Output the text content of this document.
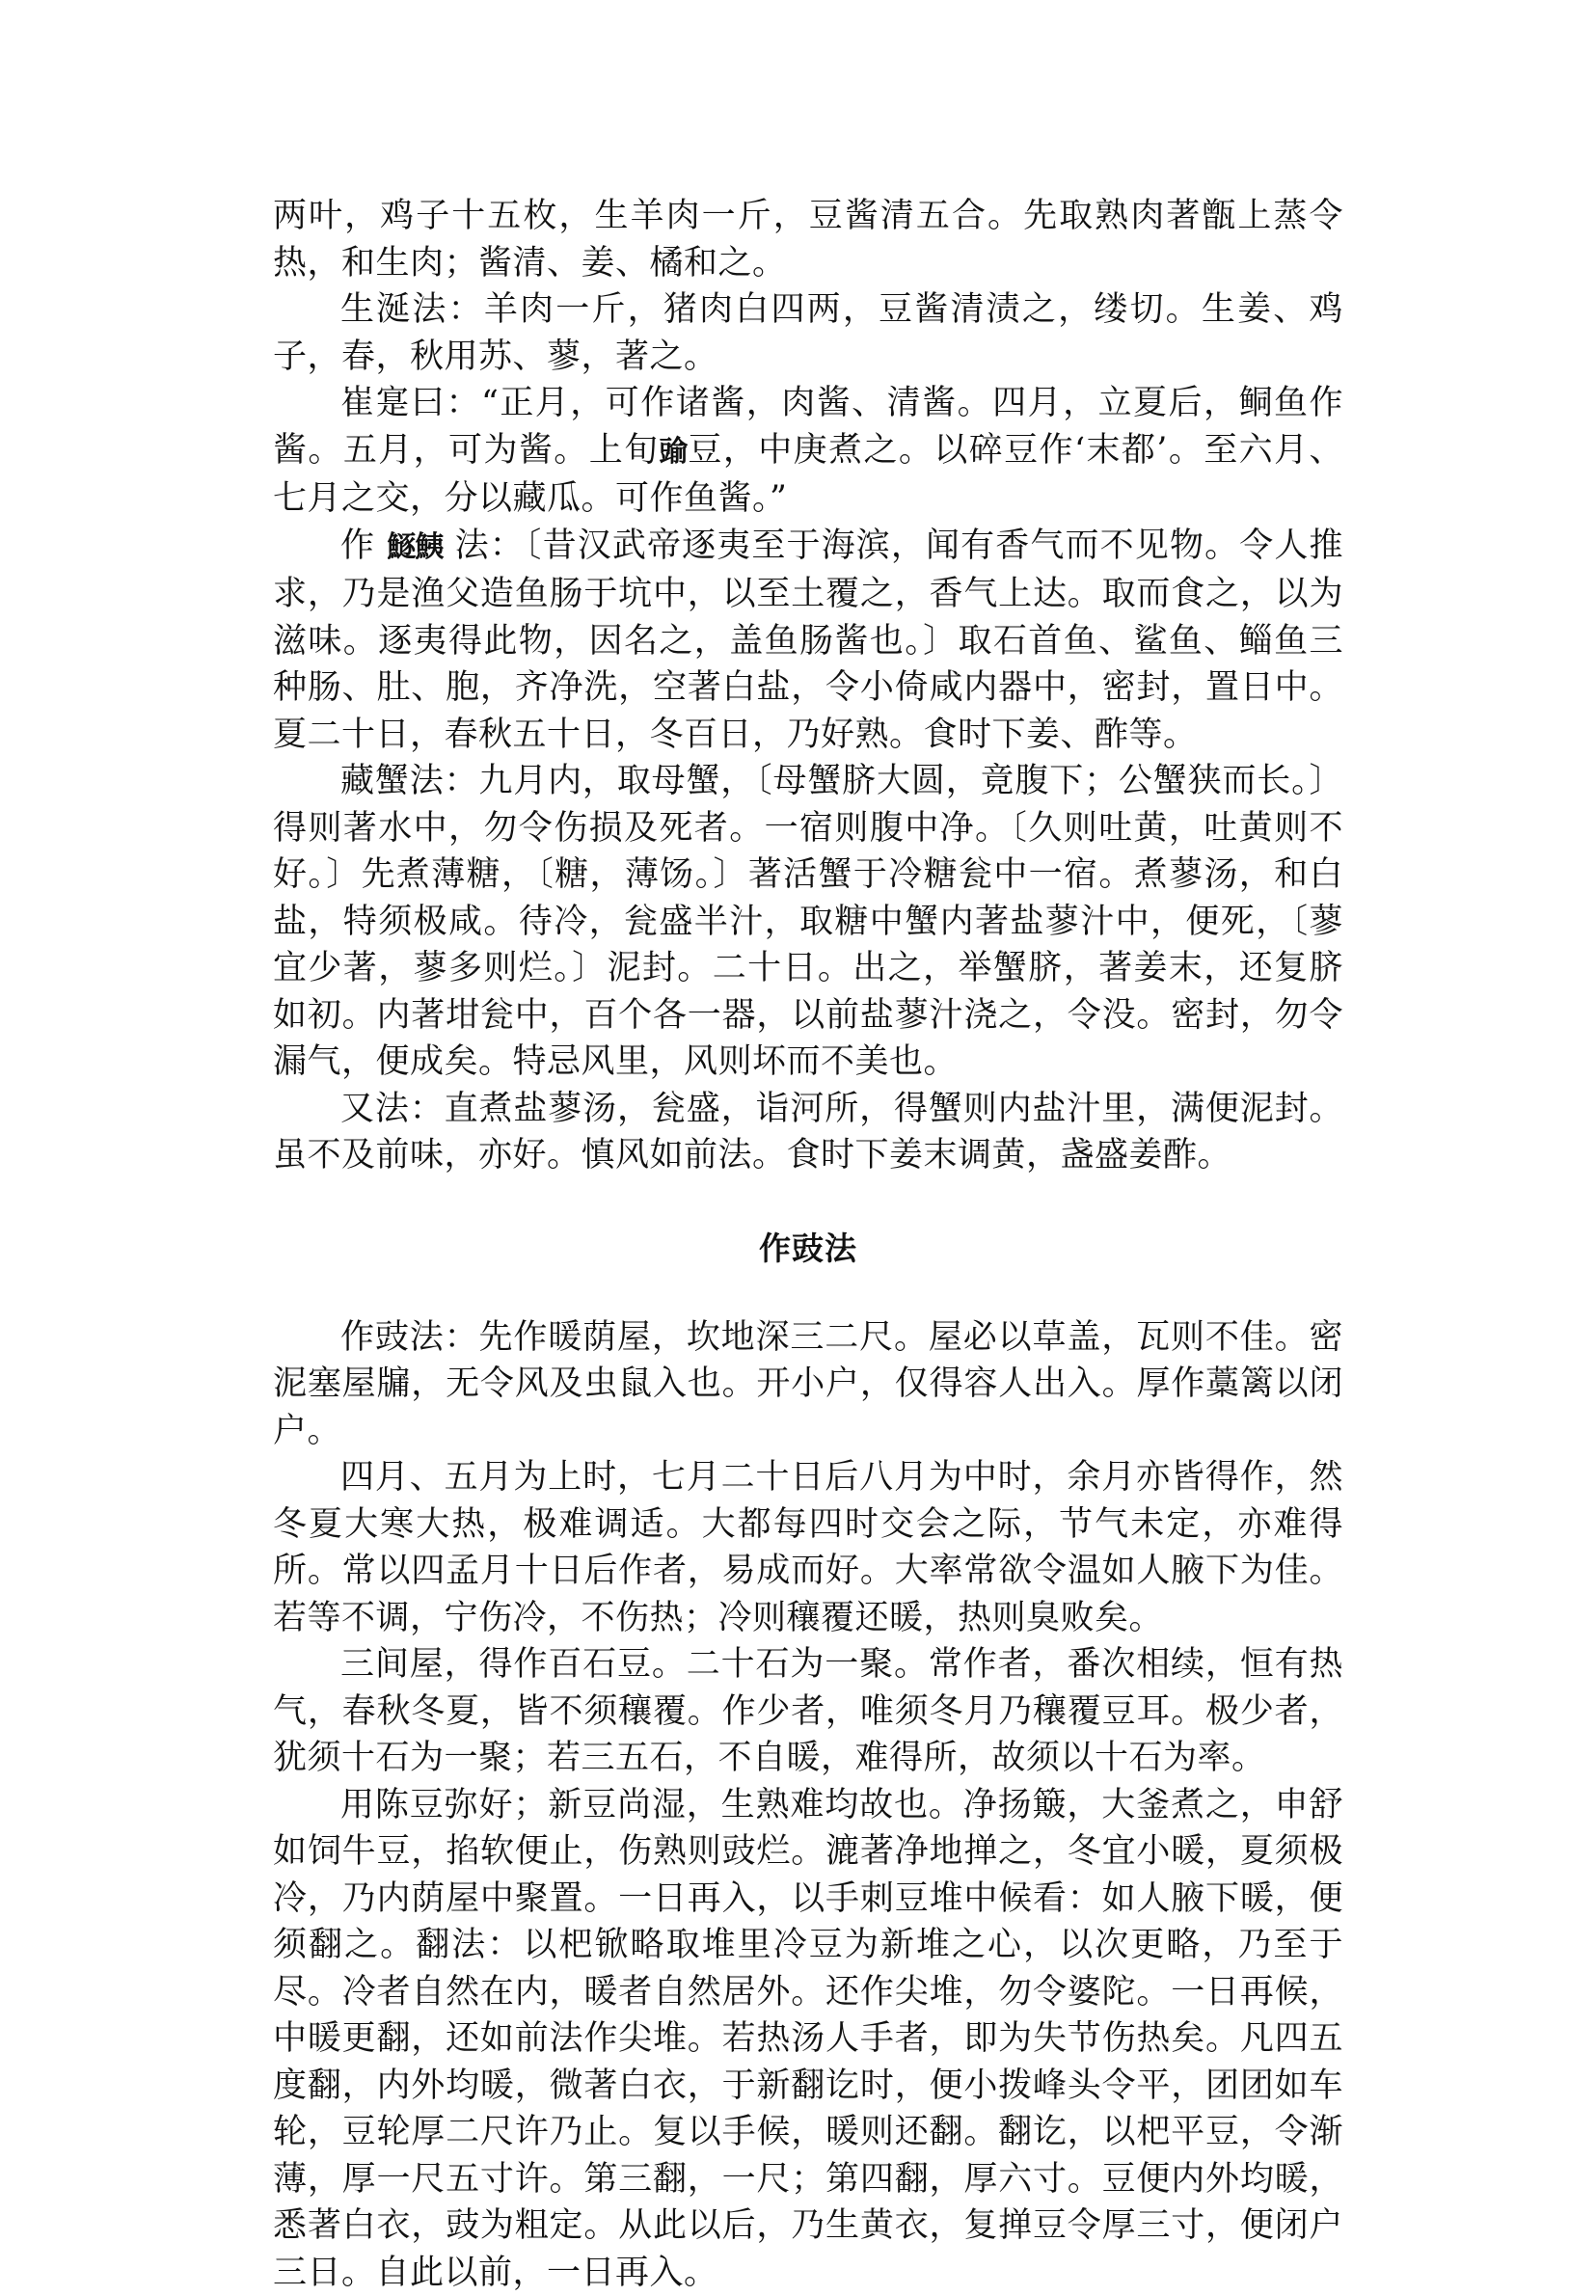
两叶，鸡子十五枚，生羊肉一斤，豆酱清五合。先取熟肉著甑上蒸令热，和生肉；酱清、姜、橘和之。

生涎法：羊肉一斤，猪肉白四两，豆酱清渍之，缕切。生姜、鸡子，春，秋用苏、蓼，著之。

崔寔曰：“正月，可作诸酱，肉酱、清酱。四月，立夏后，鲖鱼作酱。五月，可为酱。上旬䜽豆，中庚煮之。以碎豆作‘末都’。至六月、七月之交，分以藏瓜。可作鱼酱。”

作 鱁鮧 法：〔昔汉武帝逐夷至于海滨，闻有香气而不见物。令人推求，乃是渔父造鱼肠于坑中，以至土覆之，香气上达。取而食之，以为滋味。逐夷得此物，因名之，盖鱼肠酱也。〕取石首鱼、鲨鱼、鲻鱼三种肠、肚、胞，齐净洗，空著白盐，令小倚咸内器中，密封，置日中。夏二十日，春秋五十日，冬百日，乃好熟。食时下姜、酢等。

藏蟹法：九月内，取母蟹，〔母蟹脐大圆，竟腹下；公蟹狭而长。〕得则著水中，勿令伤损及死者。一宿则腹中净。〔久则吐黄，吐黄则不好。〕先煮薄糖，〔糖，薄饧。〕著活蟹于冷糖瓮中一宿。煮蓼汤，和白盐，特须极咸。待冷，瓮盛半汁，取糖中蟹内著盐蓼汁中，便死，〔蓼宜少著，蓼多则烂。〕泥封。二十日。出之，举蟹脐，著姜末，还复脐如初。内著坩瓮中，百个各一器，以前盐蓼汁浇之，令没。密封，勿令漏气，便成矣。特忌风里，风则坏而不美也。

又法：直煮盐蓼汤，瓮盛，诣河所，得蟹则内盐汁里，满便泥封。虽不及前味，亦好。慎风如前法。食时下姜末调黄，盏盛姜酢。

作豉法

作豉法：先作暖荫屋，坎地深三二尺。屋必以草盖，瓦则不佳。密泥塞屋牖，无令风及虫鼠入也。开小户，仅得容人出入。厚作藁篱以闭户。

四月、五月为上时，七月二十日后八月为中时，余月亦皆得作，然冬夏大寒大热，极难调适。大都每四时交会之际，节气未定，亦难得所。常以四孟月十日后作者，易成而好。大率常欲令温如人腋下为佳。若等不调，宁伤冷，不伤热；冷则穰覆还暖，热则臭败矣。

三间屋，得作百石豆。二十石为一聚。常作者，番次相续，恒有热气，春秋冬夏，皆不须穰覆。作少者，唯须冬月乃穰覆豆耳。极少者，犹须十石为一聚；若三五石，不自暖，难得所，故须以十石为率。

用陈豆弥好；新豆尚湿，生熟难均故也。净扬簸，大釜煮之，申舒如饲牛豆，掐软便止，伤熟则豉烂。漉著净地掸之，冬宜小暖，夏须极冷，乃内荫屋中聚置。一日再入，以手刺豆堆中候看：如人腋下暖，便须翻之。翻法：以杷锨略取堆里冷豆为新堆之心，以次更略，乃至于尽。冷者自然在内，暖者自然居外。还作尖堆，勿令婆陀。一日再候，中暖更翻，还如前法作尖堆。若热汤人手者，即为失节伤热矣。凡四五度翻，内外均暖，微著白衣，于新翻讫时，便小拨峰头令平，团团如车轮，豆轮厚二尺许乃止。复以手候，暖则还翻。翻讫，以杷平豆，令渐薄，厚一尺五寸许。第三翻，一尺；第四翻，厚六寸。豆便内外均暖，悉著白衣，豉为粗定。从此以后，乃生黄衣，复掸豆令厚三寸，便闭户三日。自此以前，一日再入。
